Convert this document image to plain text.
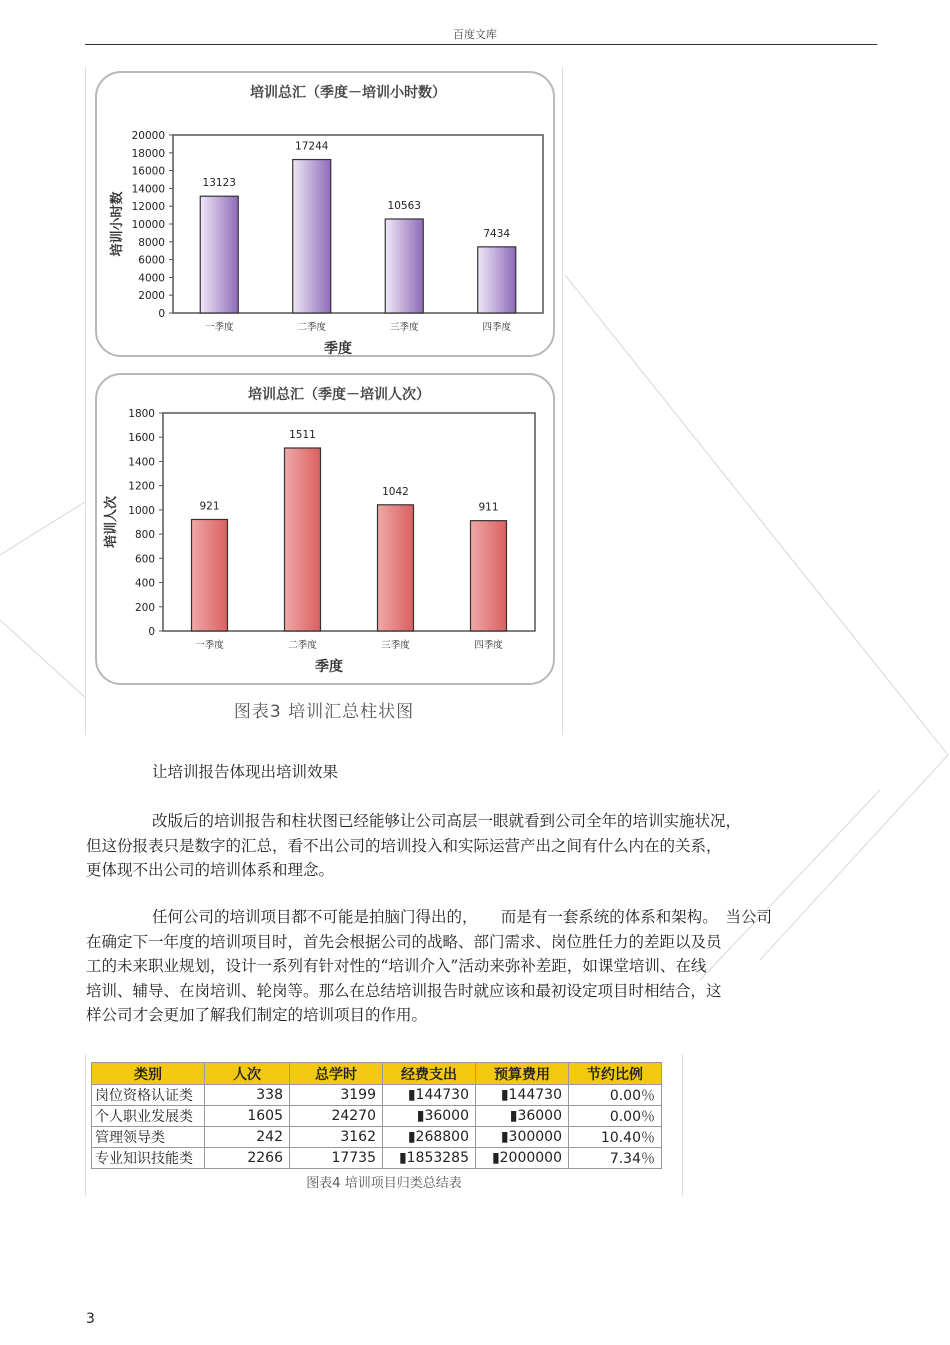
百度文库
培训总汇（季度－培训小时数）
0
2000
4000
6000
8000
10000
12000
14000
16000
18000
20000
培训小时数
13123
一季度
17244
二季度
10563
三季度
7434
四季度
季度
培训总汇（季度－培训人次）
0
200
400
600
800
1000
1200
1400
1600
1800
培训人次	921
一季度
1511
二季度
1042
三季度
911
四季度
季度
图表3 培训汇总柱状图

让培训报告体现出培训效果

改版后的培训报告和柱状图已经能够让公司高层一眼就看到公司全年的培训实施状况，

但这份报表只是数字的汇总，看不出公司的培训投入和实际运营产出之间有什么内在的关系，

更体现不出公司的培训体系和理念。

任何公司的培训项目都不可能是拍脑门得出的，　　而是有一套系统的体系和架构。　当公司

在确定下一年度的培训项目时，首先会根据公司的战略、部门需求、岗位胜任力的差距以及员

工的未来职业规划，设计一系列有针对性的“培训介入”活动来弥补差距，如课堂培训、在线

培训、辅导、在岗培训、轮岗等。那么在总结培训报告时就应该和最初设定项目时相结合，这

样公司才会更加了解我们制定的培训项目的作用。

类别	人次	总学时	经费支出	预算费用	节约比例
岗位资格认证类	338	3199	▮144730	▮144730	0.00％
个人职业发展类	1605	24270	▮36000	▮36000	0.00％
管理领导类	242	3162	▮268800	▮300000	10.40％
专业知识技能类	2266	17735	▮1853285	▮2000000	7.34％
图表4 培训项目归类总结表
3
